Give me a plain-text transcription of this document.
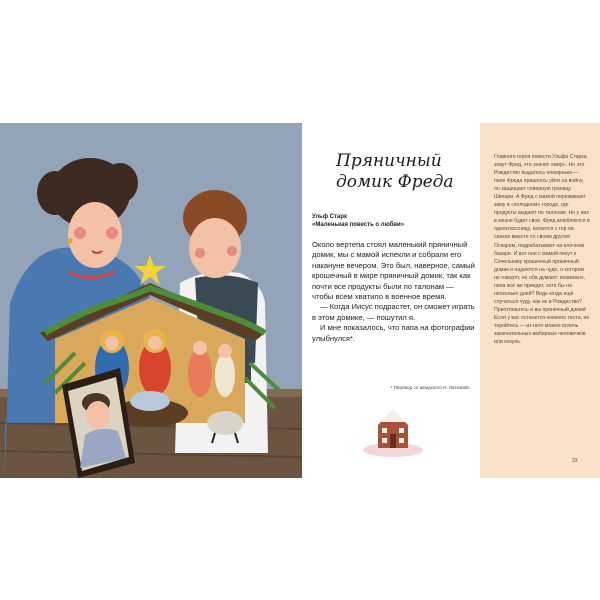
Пряничный
домик Фреда
Ульф Старк
«Маленькая повесть о любви»

Около вертепа стоял маленький пряничный домик, мы с мамой испекли и собрали его накануне вечером. Это был, наверное, самый крошечный в мире пряничный домик, так как почти все продукты были по талонам — чтобы всем хватило в военное время.

— Когда Иисус подрастет, он сможет играть в этом домике, — пошутил я.

И мне показалось, что папа на фотографии улыбнулся*.

* Перевод со шведского Н. Латковой.
Главного героя повести Ульфа Старка зовут Фред, что значит «мир». Но это Рождество выдалось немирным — папе Фреда пришлось уйти на войну, он защищает северную границу Швеции. А Фред с мамой переживают зиму в «холодном» городе, где продукты выдают по талонам. Но у них в жизни будет своё. Фред влюбляется в одноклассницу, катается с гор на санках вместе со своим другом Оскаром, подрабатывает на елочном базаре. И вот они с мамой пекут к Сочельнику крошечный пряничный домик и надеются на чудо, о котором не говорят, но оба думают: возможно, папа всё же приедет, хотя бы на несколько дней? Ведь когда ещё случаться чуду, как не в Рождество? Приготовьтесь и вы пряничный домик! Если у вас останется немного теста, не теряйтесь — из него можно испечь замечательных имбирных человечков или козуль.
33
